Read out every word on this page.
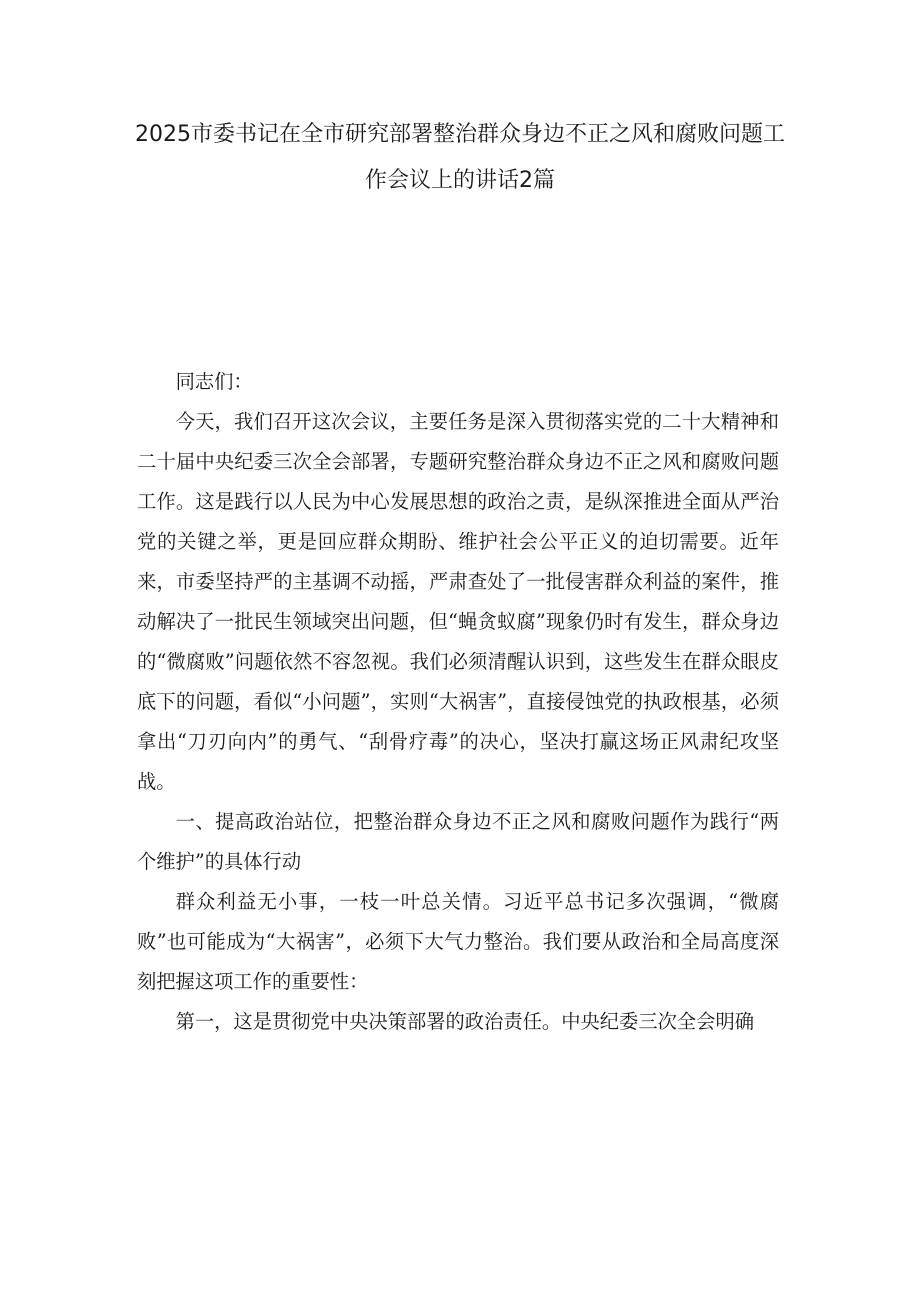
2025市委书记在全市研究部署整治群众身边不正之风和腐败问题工作会议上的讲话2篇

同志们：

今天，我们召开这次会议，主要任务是深入贯彻落实党的二十大精神和二十届中央纪委三次全会部署，专题研究整治群众身边不正之风和腐败问题工作。这是践行以人民为中心发展思想的政治之责，是纵深推进全面从严治党的关键之举，更是回应群众期盼、维护社会公平正义的迫切需要。近年来，市委坚持严的主基调不动摇，严肃查处了一批侵害群众利益的案件，推动解决了一批民生领域突出问题，但“蝇贪蚁腐”现象仍时有发生，群众身边的“微腐败”问题依然不容忽视。我们必须清醒认识到，这些发生在群众眼皮底下的问题，看似“小问题”，实则“大祸害”，直接侵蚀党的执政根基，必须拿出“刀刃向内”的勇气、“刮骨疗毒”的决心，坚决打赢这场正风肃纪攻坚战。

一、提高政治站位，把整治群众身边不正之风和腐败问题作为践行“两个维护”的具体行动

群众利益无小事，一枝一叶总关情。习近平总书记多次强调，“微腐败”也可能成为“大祸害”，必须下大气力整治。我们要从政治和全局高度深刻把握这项工作的重要性：

第一，这是贯彻党中央决策部署的政治责任。中央纪委三次全会明确
